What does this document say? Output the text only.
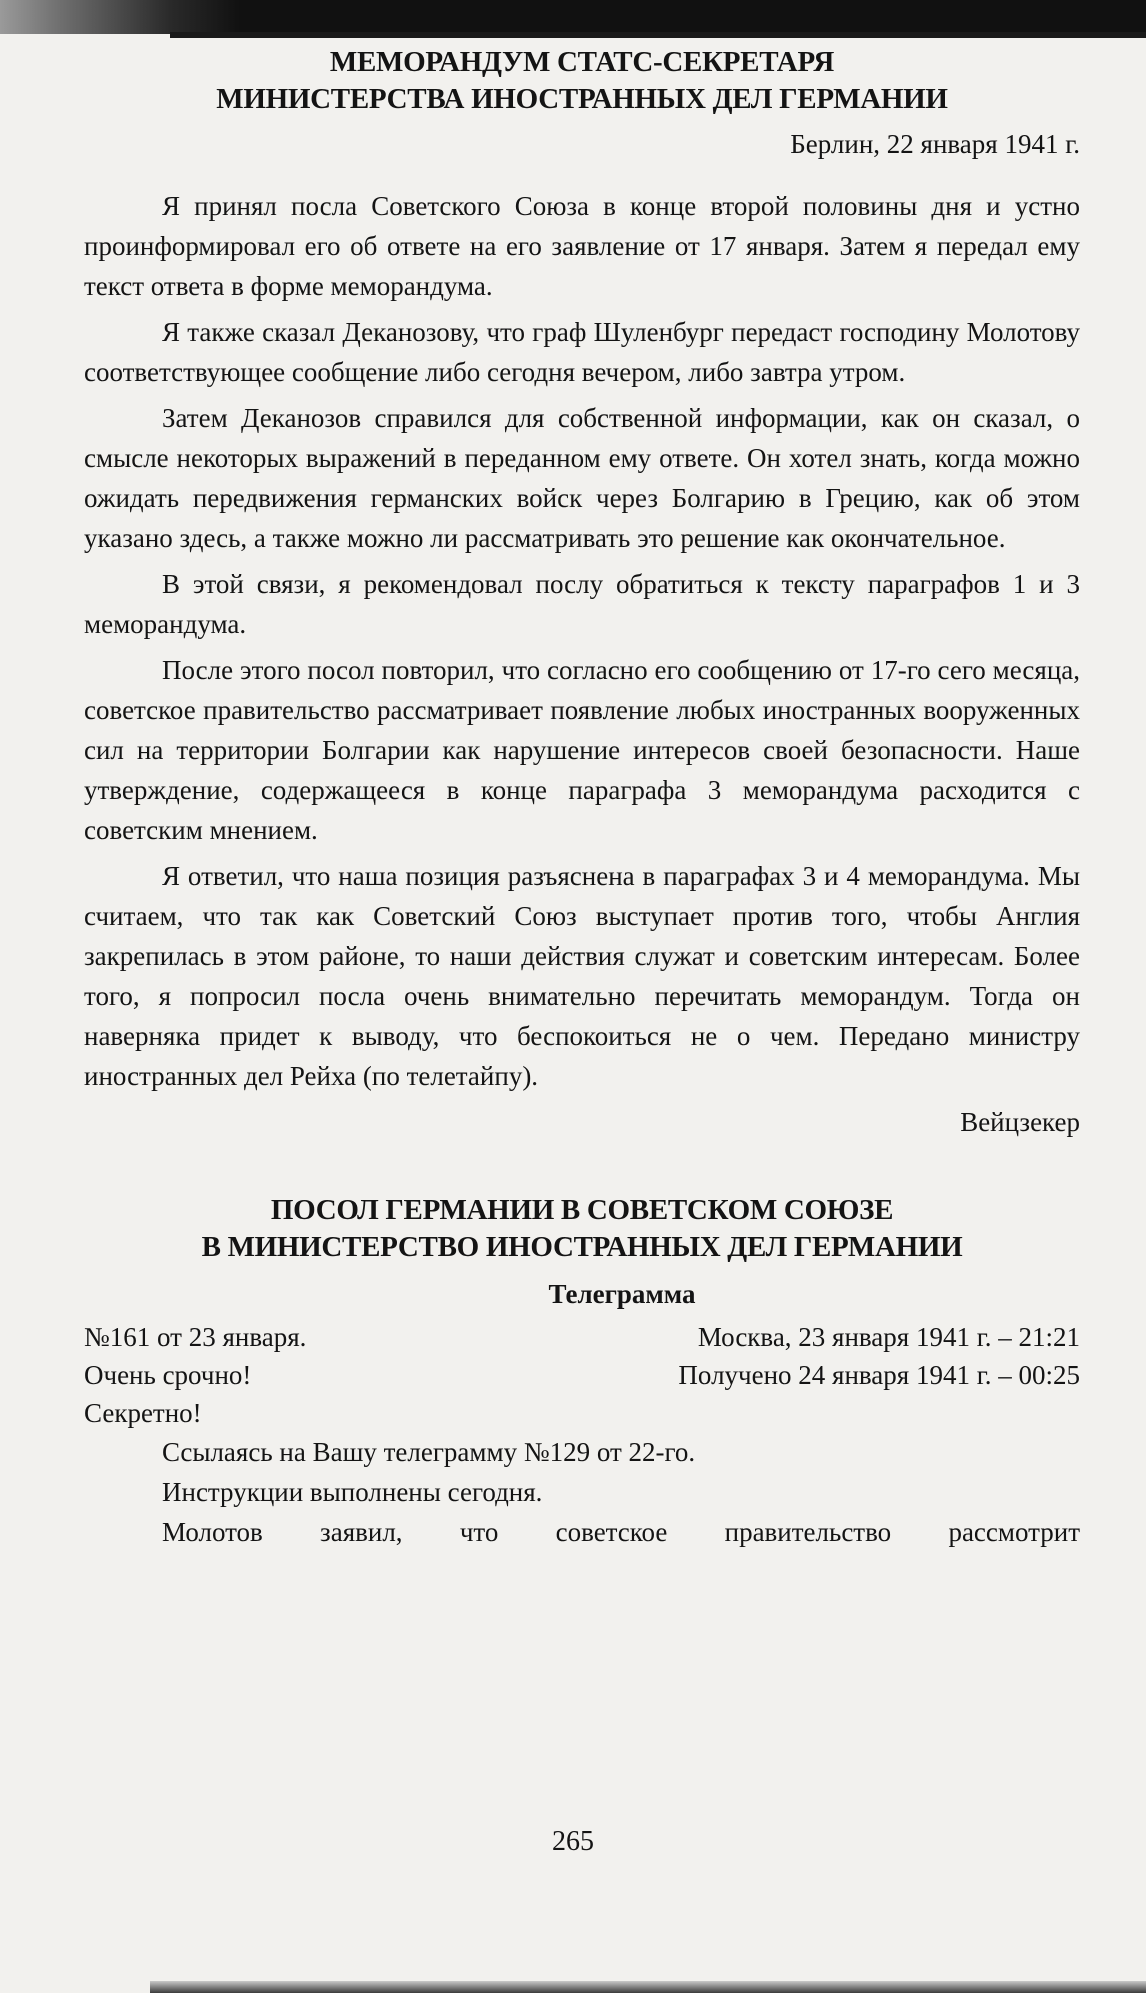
МЕМОРАНДУМ СТАТС-СЕКРЕТАРЯ
МИНИСТЕРСТВА ИНОСТРАННЫХ ДЕЛ ГЕРМАНИИ
Берлин, 22 января 1941 г.

Я принял посла Советского Союза в конце второй половины дня и устно проинформировал его об ответе на его заявление от 17 января. Затем я передал ему текст ответа в форме меморандума.

Я также сказал Деканозову, что граф Шуленбург передаст господину Молотову соответствующее сообщение либо сегодня вечером, либо завтра утром.

Затем Деканозов справился для собственной информации, как он сказал, о смысле некоторых выражений в переданном ему ответе. Он хотел знать, когда можно ожидать передвижения германских войск через Болгарию в Грецию, как об этом указано здесь, а также можно ли рассматривать это решение как окончательное.

В этой связи, я рекомендовал послу обратиться к тексту параграфов 1 и 3 меморандума.

После этого посол повторил, что согласно его сообщению от 17-го сего месяца, советское правительство рассматривает появление любых иностранных вооруженных сил на территории Болгарии как нарушение интересов своей безопасности. Наше утверждение, содержащееся в конце параграфа 3 меморандума расходится с советским мнением.

Я ответил, что наша позиция разъяснена в параграфах 3 и 4 меморандума. Мы считаем, что так как Советский Союз выступает против того, чтобы Англия закрепилась в этом районе, то наши действия служат и советским интересам. Более того, я попросил посла очень внимательно перечитать меморандум. Тогда он наверняка придет к выводу, что беспокоиться не о чем. Передано министру иностранных дел Рейха (по телетайпу).

Вейцзекер
ПОСОЛ ГЕРМАНИИ В СОВЕТСКОМ СОЮЗЕ
В МИНИСТЕРСТВО ИНОСТРАННЫХ ДЕЛ ГЕРМАНИИ
Телеграмма
№161 от 23 января.	Москва, 23 января 1941 г. – 21:21
Очень срочно!	Получено 24 января 1941 г. – 00:25
Секретно!
Ссылаясь на Вашу телеграмму №129 от 22-го.
Инструкции выполнены сегодня.

Молотов заявил, что советское правительство рассмотрит

265
